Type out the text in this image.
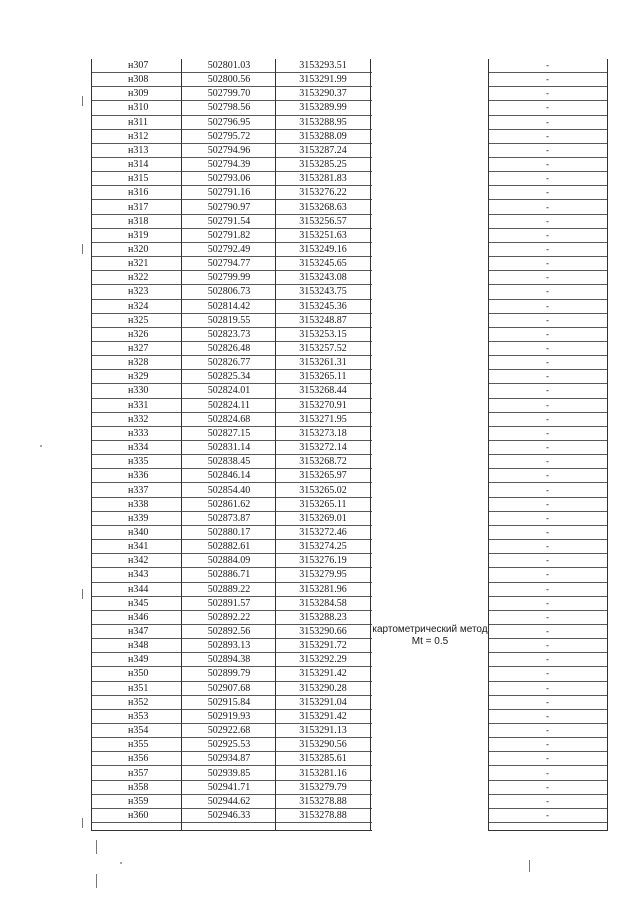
н307	502801.03	3153293.51	-
н308	502800.56	3153291.99	-
н309	502799.70	3153290.37	-
н310	502798.56	3153289.99	-
н311	502796.95	3153288.95	-
н312	502795.72	3153288.09	-
н313	502794.96	3153287.24	-
н314	502794.39	3153285.25	-
н315	502793.06	3153281.83	-
н316	502791.16	3153276.22	-
н317	502790.97	3153268.63	-
н318	502791.54	3153256.57	-
н319	502791.82	3153251.63	-
н320	502792.49	3153249.16	-
н321	502794.77	3153245.65	-
н322	502799.99	3153243.08	-
н323	502806.73	3153243.75	-
н324	502814.42	3153245.36	-
н325	502819.55	3153248.87	-
н326	502823.73	3153253.15	-
н327	502826.48	3153257.52	-
н328	502826.77	3153261.31	-
н329	502825.34	3153265.11	-
н330	502824.01	3153268.44	-
н331	502824.11	3153270.91	-
н332	502824.68	3153271.95	-
н333	502827.15	3153273.18	-
н334	502831.14	3153272.14	-
н335	502838.45	3153268.72	-
н336	502846.14	3153265.97	-
н337	502854.40	3153265.02	-
н338	502861.62	3153265.11	-
н339	502873.87	3153269.01	-
н340	502880.17	3153272.46	-
н341	502882.61	3153274.25	-
н342	502884.09	3153276.19	-
н343	502886.71	3153279.95	-
н344	502889.22	3153281.96	-
н345	502891.57	3153284.58	-
н346	502892.22	3153288.23	-
н347	502892.56	3153290.66	-
н348	502893.13	3153291.72	-
н349	502894.38	3153292.29	-
н350	502899.79	3153291.42	-
н351	502907.68	3153290.28	-
н352	502915.84	3153291.04	-
н353	502919.93	3153291.42	-
н354	502922.68	3153291.13	-
н355	502925.53	3153290.56	-
н356	502934.87	3153285.61	-
н357	502939.85	3153281.16	-
н358	502941.71	3153279.79	-
н359	502944.62	3153278.88	-
н360	502946.33	3153278.88	-
картометрический метод Mt = 0.5
